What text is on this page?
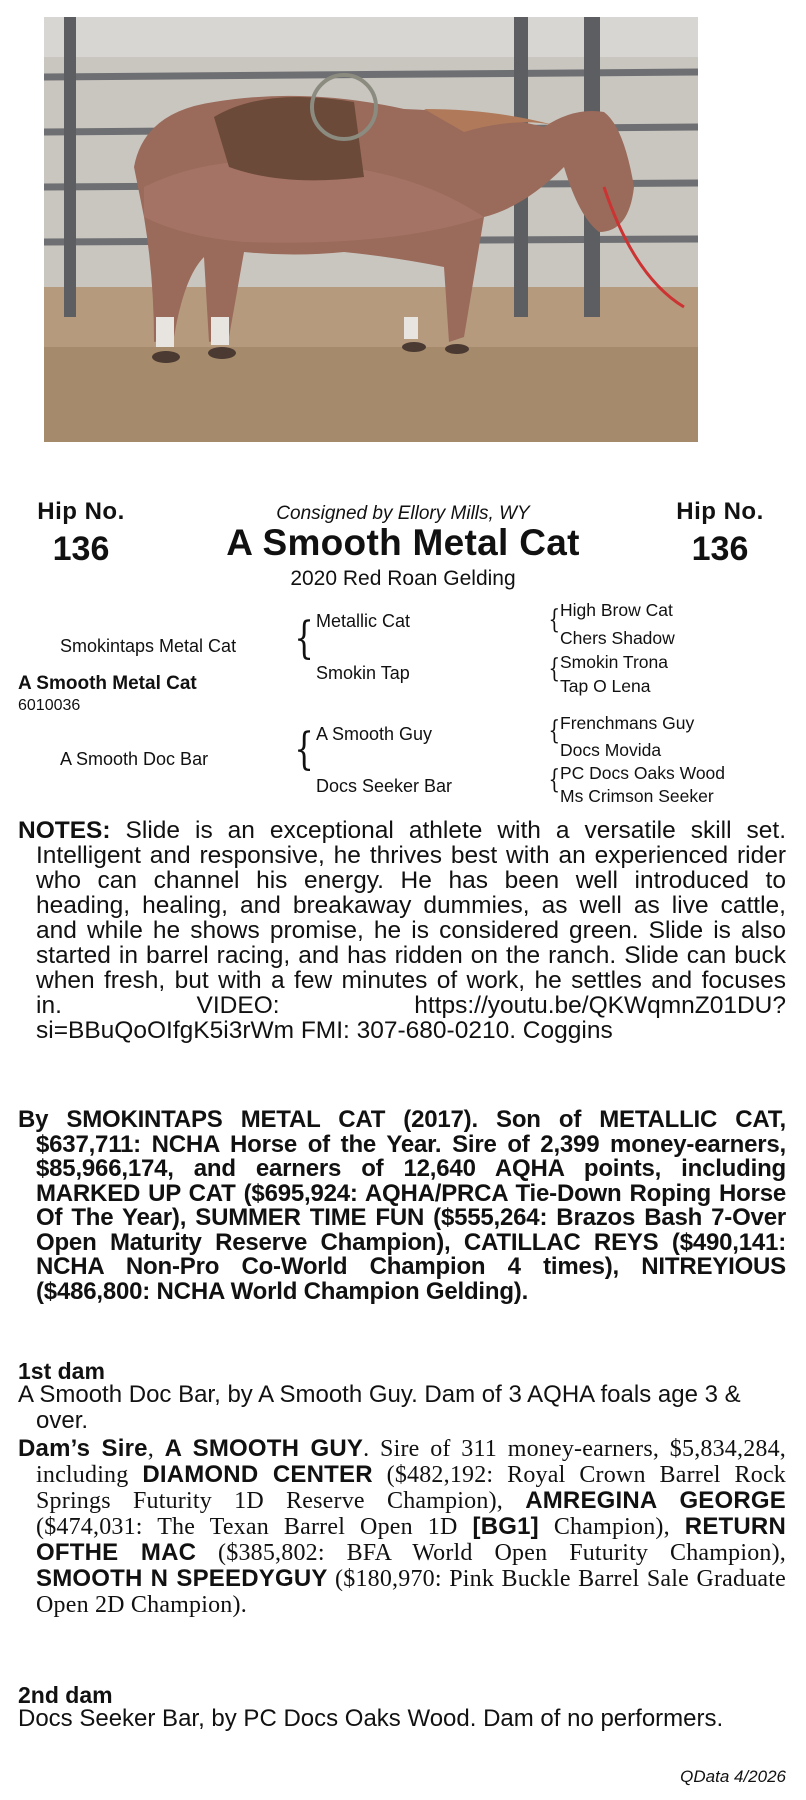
Hip No.
136
Hip No.
136
Consigned by Ellory Mills, WY
A Smooth Metal Cat
2020 Red Roan Gelding
Smokintaps Metal Cat
A Smooth Metal Cat
6010036
A Smooth Doc Bar
{
{
Metallic Cat
Smokin Tap
A Smooth Guy
Docs Seeker Bar
{
{
{
{
High Brow Cat
Chers Shadow
Smokin Trona
Tap O Lena
Frenchmans Guy
Docs Movida
PC Docs Oaks Wood
Ms Crimson Seeker
NOTES: Slide is an exceptional athlete with a versatile skill set. Intelligent and responsive, he thrives best with an experienced rider who can channel his energy. He has been well introduced to heading, healing, and breakaway dummies, as well as live cattle, and while he shows promise, he is considered green. Slide is also started in barrel racing, and has ridden on the ranch. Slide can buck when fresh, but with a few minutes of work, he settles and focuses in. VIDEO: https://youtu.be/QKWqmnZ01DU?si=BBuQoOIfgK5i3rWm FMI: 307-680-0210. Coggins
By SMOKINTAPS METAL CAT (2017). Son of METALLIC CAT, $637,711: NCHA Horse of the Year. Sire of 2,399 money-earners, $85,966,174, and earners of 12,640 AQHA points, including MARKED UP CAT ($695,924: AQHA/PRCA Tie-Down Roping Horse Of The Year), SUMMER TIME FUN ($555,264: Brazos Bash 7-Over Open Maturity Reserve Champion), CATILLAC REYS ($490,141: NCHA Non-Pro Co-World Champion 4 times), NITREYIOUS ($486,800: NCHA World Champion Gelding).
1st dam
A Smooth Doc Bar, by A Smooth Guy. Dam of 3 AQHA foals age 3 & over.
Dam’s Sire, A SMOOTH GUY. Sire of 311 money-earners, $5,834,284, including DIAMOND CENTER ($482,192: Royal Crown Barrel Rock Springs Futurity 1D Reserve Champion), AMREGINA GEORGE ($474,031: The Texan Barrel Open 1D [BG1] Champion), RETURN OFTHE MAC ($385,802: BFA World Open Futurity Champion), SMOOTH N SPEEDYGUY ($180,970: Pink Buckle Barrel Sale Graduate Open 2D Champion).
2nd dam
Docs Seeker Bar, by PC Docs Oaks Wood. Dam of no performers.
QData 4/2026
